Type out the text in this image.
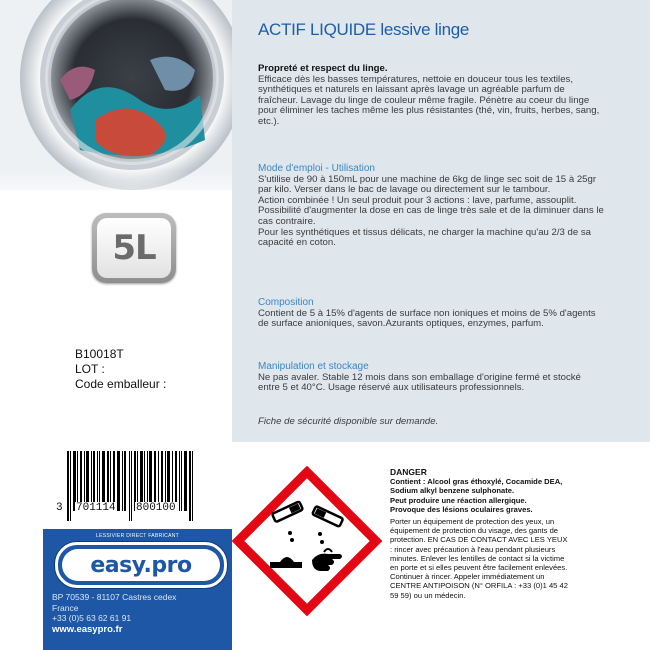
5L
B10018T
LOT :
Code emballeur :
3 701114 800100
LESSIVIER DIRECT FABRICANT
easy.pro
BP 70539 - 81107 Castres cedex
France
+33 (0)5 63 62 61 91
www.easypro.fr
ACTIF LIQUIDE lessive linge

Propreté et respect du linge.

Efficace dès les basses températures, nettoie en douceur tous les textiles, synthétiques et naturels en laissant après lavage un agréable parfum de fraîcheur. Lavage du linge de couleur même fragile. Pénètre au coeur du linge pour éliminer les taches même les plus résistantes (thé, vin, fruits, herbes, sang, etc.).

Mode d'emploi - Utilisation

S'utilise de 90 à 150mL pour une machine de 6kg de linge sec soit de 15 à 25gr par kilo. Verser dans le bac de lavage ou directement sur le tambour.

Action combinée ! Un seul produit pour 3 actions : lave, parfume, assouplit.

Possibilité d'augmenter la dose en cas de linge très sale et de la diminuer dans le cas contraire.

Pour les synthétiques et tissus délicats, ne charger la machine qu'au 2/3 de sa capacité en coton.

Composition

Contient de 5 à 15% d'agents de surface non ioniques et moins de 5% d'agents de surface anioniques, savon.Azurants optiques, enzymes, parfum.

Manipulation et stockage

Ne pas avaler. Stable 12 mois dans son emballage d'origine fermé et stocké entre 5 et 40°C. Usage réservé aux utilisateurs professionnels.

Fiche de sécurité disponible sur demande.
DANGER
Contient : Alcool gras éthoxylé, Cocamide DEA, Sodium alkyl benzene sulphonate.
Peut produire une réaction allergique.
Provoque des lésions oculaires graves.
Porter un équipement de protection des yeux, un équipement de protection du visage, des gants de protection. EN CAS DE CONTACT AVEC LES YEUX : rincer avec précaution à l'eau pendant plusieurs minutes. Enlever les lentilles de contact si la victime en porte et si elles peuvent être facilement enlevées. Continuer à rincer. Appeler immédiatement un CENTRE ANTIPOISON (N° ORFILA : +33 (0)1 45 42 59 59) ou un médecin.
